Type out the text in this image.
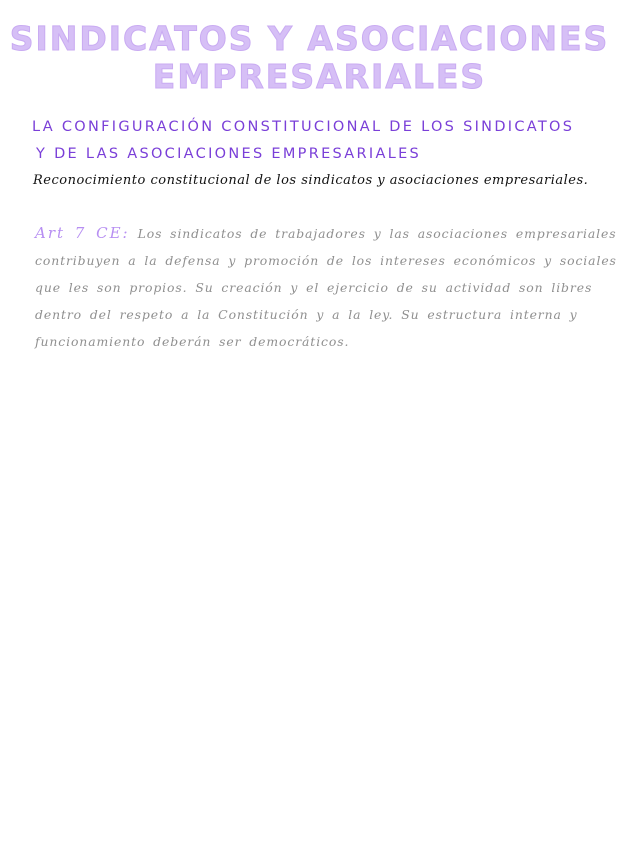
SINDICATOS Y ASOCIACIONES
EMPRESARIALES
LA CONFIGURACIÓN CONSTITUCIONAL DE LOS SINDICATOS
Y DE LAS ASOCIACIONES EMPRESARIALES
Reconocimiento constitucional de los sindicatos y asociaciones empresariales.
Art 7 CE: Los sindicatos de trabajadores y las asociaciones empresariales
contribuyen a la defensa y promoción de los intereses económicos y sociales
que les son propios. Su creación y el ejercicio de su actividad son libres
dentro del respeto a la Constitución y a la ley. Su estructura interna y
funcionamiento deberán ser democráticos.
